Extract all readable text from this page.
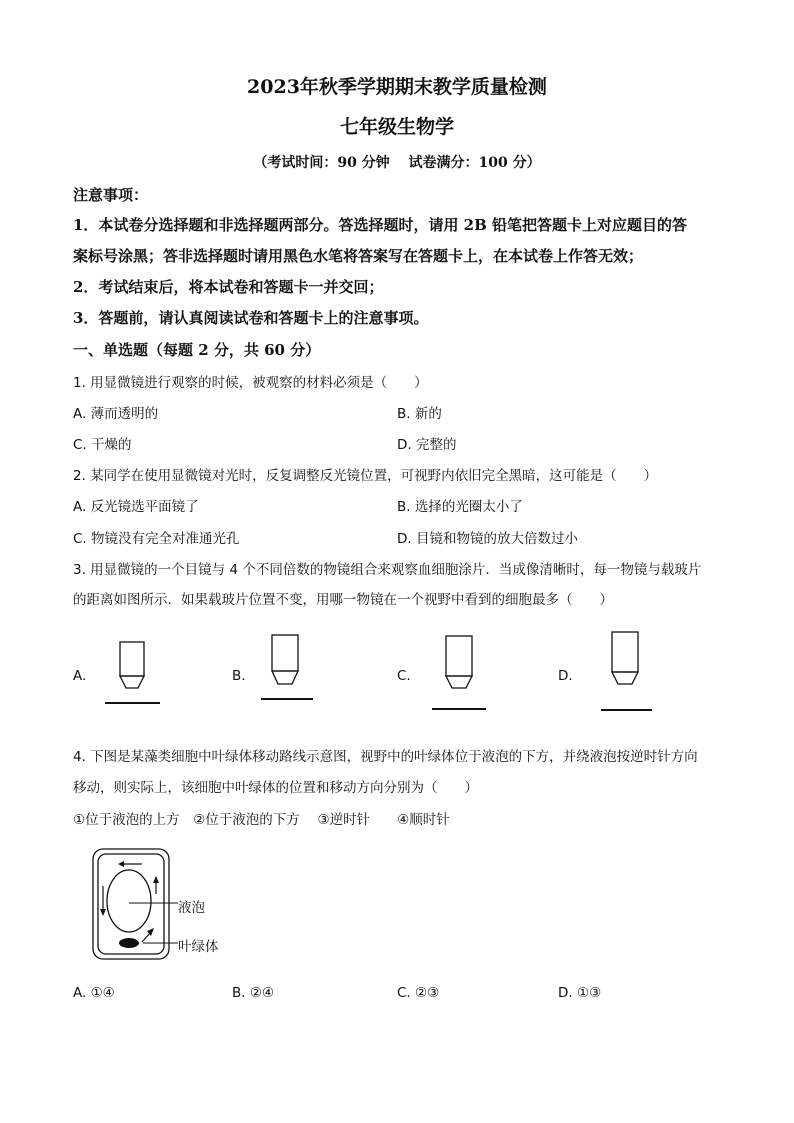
2023年秋季学期期末教学质量检测
七年级生物学
（考试时间：90 分钟　 试卷满分：100 分）
注意事项：
1．本试卷分选择题和非选择题两部分。答选择题时，请用 2B 铅笔把答题卡上对应题目的答
案标号涂黑；答非选择题时请用黑色水笔将答案写在答题卡上，在本试卷上作答无效；
2．考试结束后，将本试卷和答题卡一并交回；
3．答题前，请认真阅读试卷和答题卡上的注意事项。
一、单选题（每题 2 分，共 60 分）
1. 用显微镜进行观察的时候，被观察的材料必须是（　　）
A. 薄而透明的	B. 新的
C. 干燥的	D. 完整的
2. 某同学在使用显微镜对光时，反复调整反光镜位置，可视野内依旧完全黑暗，这可能是（　　）
A. 反光镜选平面镜了	B. 选择的光圈太小了
C. 物镜没有完全对准通光孔	D. 目镜和物镜的放大倍数过小
3. 用显微镜的一个目镜与 4 个不同倍数的物镜组合来观察血细胞涂片．当成像清晰时，每一物镜与载玻片
的距离如图所示．如果载玻片位置不变，用哪一物镜在一个视野中看到的细胞最多（　　）
A.	B.	C.	D.
4. 下图是某藻类细胞中叶绿体移动路线示意图，视野中的叶绿体位于液泡的下方，并绕液泡按逆时针方向
移动，则实际上，该细胞中叶绿体的位置和移动方向分别为（　　）
①位于液泡的上方　②位于液泡的下方　 ③逆时针　　④顺时针
液泡
叶绿体
A. ①④	B. ②④	C. ②③	D. ①③
